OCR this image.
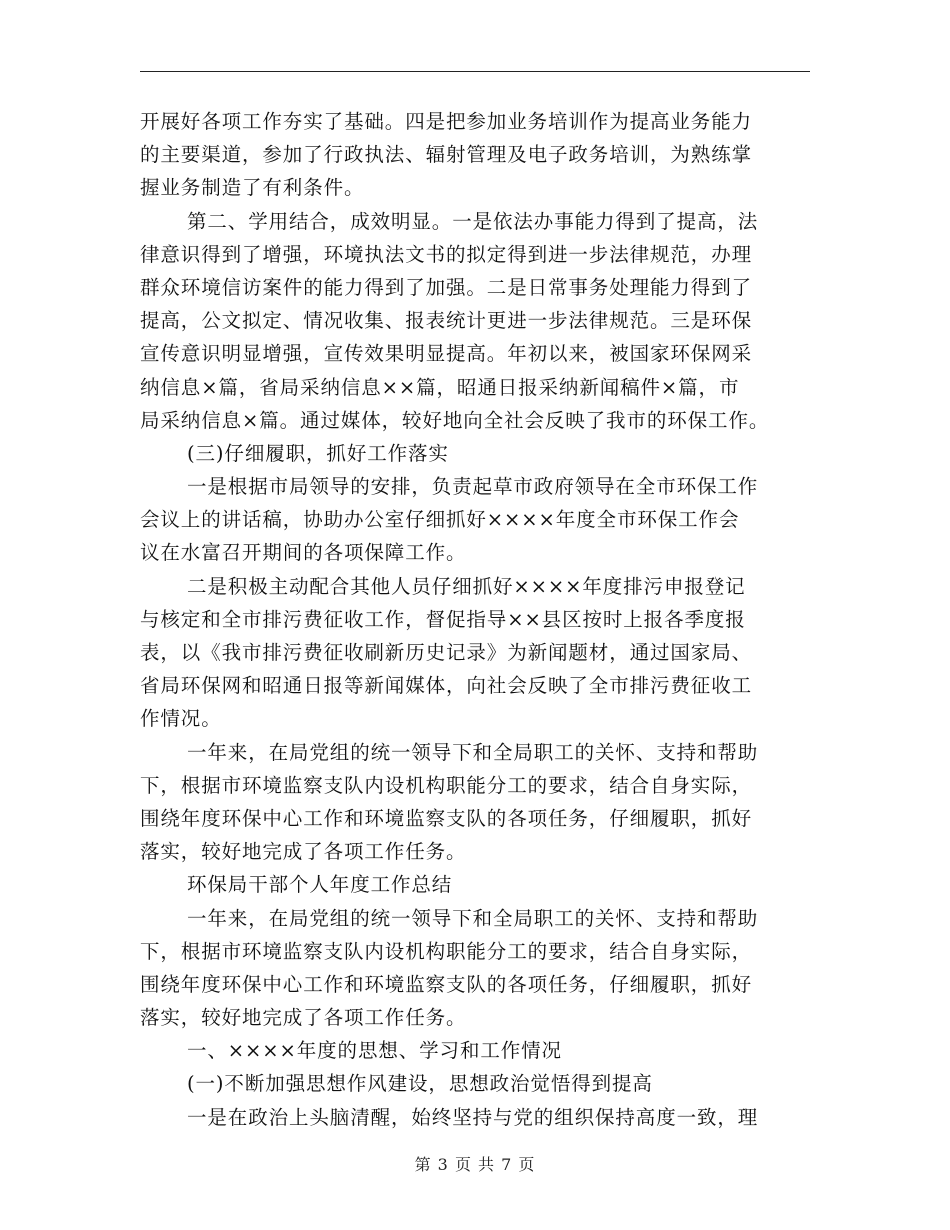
开展好各项工作夯实了基础。四是把参加业务培训作为提高业务能力
的主要渠道，参加了行政执法、辐射管理及电子政务培训，为熟练掌
握业务制造了有利条件。
第二、学用结合，成效明显。一是依法办事能力得到了提高，法
律意识得到了增强，环境执法文书的拟定得到进一步法律规范，办理
群众环境信访案件的能力得到了加强。二是日常事务处理能力得到了
提高，公文拟定、情况收集、报表统计更进一步法律规范。三是环保
宣传意识明显增强，宣传效果明显提高。年初以来，被国家环保网采
纳信息×篇，省局采纳信息××篇，昭通日报采纳新闻稿件×篇，市
局采纳信息×篇。通过媒体，较好地向全社会反映了我市的环保工作。
(三)仔细履职，抓好工作落实
一是根据市局领导的安排，负责起草市政府领导在全市环保工作
会议上的讲话稿，协助办公室仔细抓好××××年度全市环保工作会
议在水富召开期间的各项保障工作。
二是积极主动配合其他人员仔细抓好××××年度排污申报登记
与核定和全市排污费征收工作，督促指导××县区按时上报各季度报
表，以《我市排污费征收刷新历史记录》为新闻题材，通过国家局、
省局环保网和昭通日报等新闻媒体，向社会反映了全市排污费征收工
作情况。
一年来，在局党组的统一领导下和全局职工的关怀、支持和帮助
下，根据市环境监察支队内设机构职能分工的要求，结合自身实际，
围绕年度环保中心工作和环境监察支队的各项任务，仔细履职，抓好
落实，较好地完成了各项工作任务。
环保局干部个人年度工作总结
一年来，在局党组的统一领导下和全局职工的关怀、支持和帮助
下，根据市环境监察支队内设机构职能分工的要求，结合自身实际，
围绕年度环保中心工作和环境监察支队的各项任务，仔细履职，抓好
落实，较好地完成了各项工作任务。
一、××××年度的思想、学习和工作情况
(一)不断加强思想作风建设，思想政治觉悟得到提高
一是在政治上头脑清醒，始终坚持与党的组织保持高度一致，理
第 3 页 共 7 页
